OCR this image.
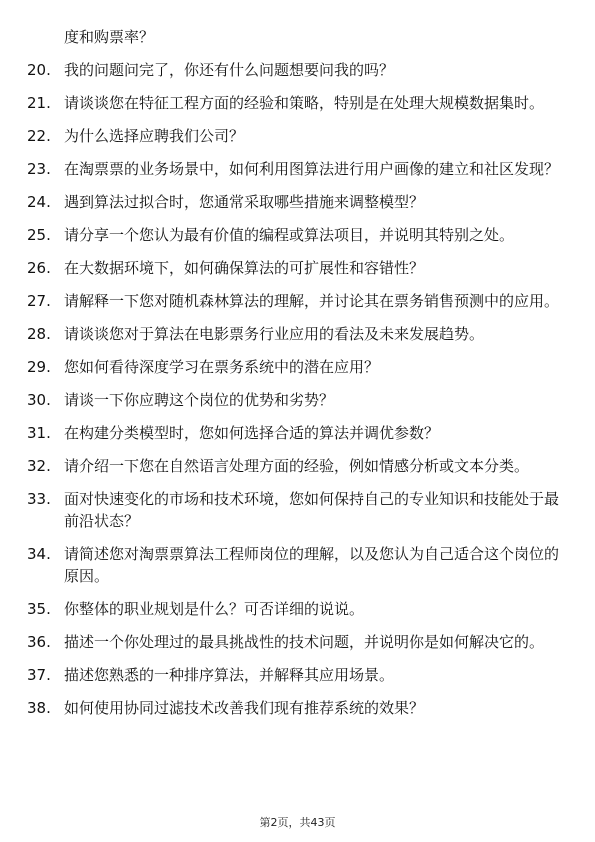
度和购票率？
20. 我的问题问完了，你还有什么问题想要问我的吗？
21. 请谈谈您在特征工程方面的经验和策略，特别是在处理大规模数据集时。
22. 为什么选择应聘我们公司？
23. 在淘票票的业务场景中，如何利用图算法进行用户画像的建立和社区发现？
24. 遇到算法过拟合时，您通常采取哪些措施来调整模型？
25. 请分享一个您认为最有价值的编程或算法项目，并说明其特别之处。
26. 在大数据环境下，如何确保算法的可扩展性和容错性？
27. 请解释一下您对随机森林算法的理解，并讨论其在票务销售预测中的应用。
28. 请谈谈您对于算法在电影票务行业应用的看法及未来发展趋势。
29. 您如何看待深度学习在票务系统中的潜在应用？
30. 请谈一下你应聘这个岗位的优势和劣势？
31. 在构建分类模型时，您如何选择合适的算法并调优参数？
32. 请介绍一下您在自然语言处理方面的经验，例如情感分析或文本分类。
33. 面对快速变化的市场和技术环境，您如何保持自己的专业知识和技能处于最前沿状态？
34. 请简述您对淘票票算法工程师岗位的理解，以及您认为自己适合这个岗位的原因。
35. 你整体的职业规划是什么？可否详细的说说。
36. 描述一个你处理过的最具挑战性的技术问题，并说明你是如何解决它的。
37. 描述您熟悉的一种排序算法，并解释其应用场景。
38. 如何使用协同过滤技术改善我们现有推荐系统的效果？
第2页，共43页
